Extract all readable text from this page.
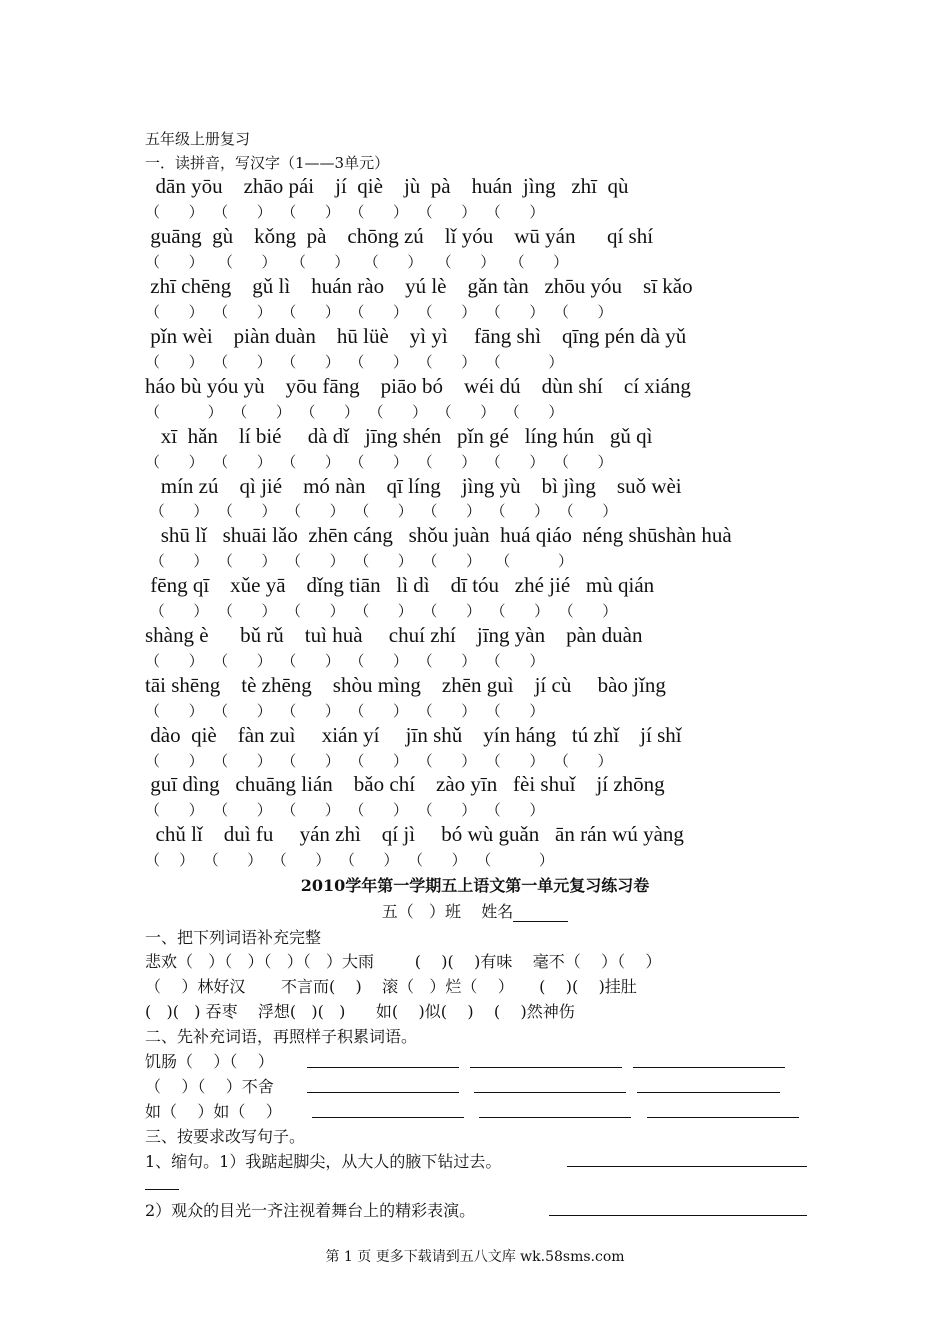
五年级上册复习
一．读拼音，写汉字（1——3单元）
dān yōu    zhāo pái    jí  qiè    jù  pà    huán  jìng   zhī  qù
（      ）  （      ）  （      ）  （      ）  （      ）  （      ）
guāng  gù    kǒng  pà    chōng zú    lǐ yóu    wū yán      qí shí
（      ）   （      ）   （      ）   （      ）   （      ）   （      ）
zhī chēng    gǔ lì    huán rào    yú lè    gǎn tàn   zhōu yóu    sī kǎo
（      ）  （      ）  （      ）  （      ）  （      ）  （      ）  （      ）
pǐn wèi    piàn duàn    hū lüè    yì yì     fāng shì    qīng pén dà yǔ
（      ）  （      ）  （      ）  （      ）  （      ）  （          ）
háo bù yóu yù    yōu fāng    piāo bó    wéi dú    dùn shí    cí xiáng
（          ）  （      ）  （      ）  （      ）  （      ）  （      ）
xī  hǎn    lí bié     dà dǐ   jīng shén   pǐn gé   líng hún   gǔ qì
（      ）  （      ）  （      ）  （      ）  （      ）  （      ）  （      ）
mín zú    qì jié    mó nàn    qī líng    jìng yù    bì jìng    suǒ wèi
（      ）  （      ）  （      ）  （      ）  （      ）  （      ）  （      ）
shū lǐ   shuāi lǎo  zhēn cáng   shǒu juàn  huá qiáo  néng shūshàn huà
（      ）  （      ）  （      ）  （      ）  （      ）   （          ）
fēng qī    xǔe yā    dǐng tiān   lì dì    dī tóu   zhé jié   mù qián
（      ）  （      ）  （      ）  （      ）  （      ）  （      ）  （      ）
shàng è      bǔ rǔ    tuì huà     chuí zhí    jīng yàn    pàn duàn
（      ）  （      ）  （      ）  （      ）  （      ）  （      ）
tāi shēng    tè zhēng    shòu mìng    zhēn guì    jí cù     bào jǐng
（      ）  （      ）  （      ）  （      ）  （      ）  （      ）
dào  qiè    fàn zuì     xián yí     jīn shǔ    yín háng   tú zhǐ    jí shǐ
（      ）  （      ）  （      ）  （      ）  （      ）  （      ）  （      ）
guī dìng   chuāng lián    bǎo chí    zào yīn   fèi shuǐ    jí zhōng
（      ）  （      ）  （      ）  （      ）  （      ）  （      ）
chǔ lǐ    duì fu     yán zhì    qí jì     bó wù guǎn   ān rán wú yàng
（    ）  （      ）  （      ）  （      ）  （      ）  （          ）
2010学年第一学期五上语文第一单元复习练习卷
五（   ）班    姓名
一、把下列词语补充完整
悲欢（   ）（   ）（   ）（   ）大雨        (    )(    )有味    毫不（    ）（    ）
（    ）林好汉       不言而(    )    滚（   ）烂（    ）     (    )(    )挂肚
(   )(   ) 吞枣    浮想(   )(   )      如(    )似(    )    (    )然神伤
二、先补充词语，再照样子积累词语。
饥肠（    ）（    ）
（    ）（    ）不舍
如（    ）如（    ）
三、按要求改写句子。
1、缩句。1）我踮起脚尖，从大人的腋下钻过去。
2）观众的目光一齐注视着舞台上的精彩表演。
第 1 页 更多下载请到五八文库 wk.58sms.com
